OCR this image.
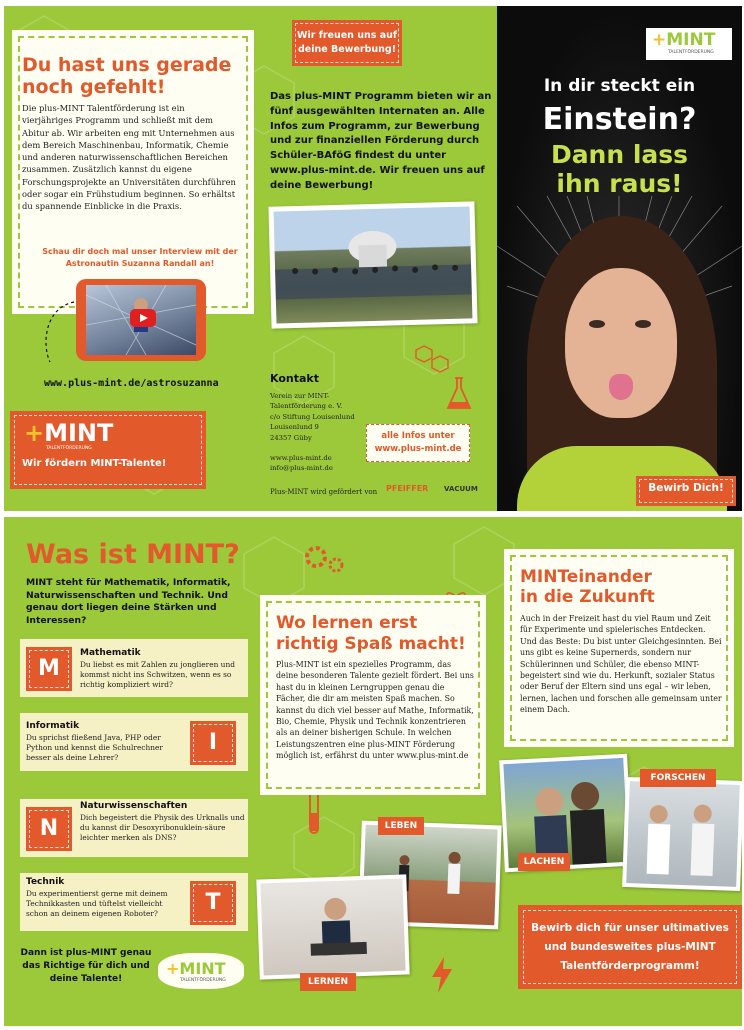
Du hast uns gerade
noch gefehlt!
Die plus-MINT Talentförderung ist ein vierjähriges Programm und schließt mit dem Abitur ab. Wir arbeiten eng mit Unternehmen aus dem Bereich Maschinenbau, Informatik, Chemie und anderen naturwissenschaftlichen Bereichen zusammen. Zusätzlich kannst du eigene Forschungsprojekte an Universitäten durchführen oder sogar ein Frühstudium beginnen. So erhältst du spannende Einblicke in die Praxis.
Schau dir doch mal unser Interview mit der Astronautin Suzanna Randall an!
www.plus-mint.de/astrosuzanna
+MINT
TALENTFÖRDERUNG
Wir fördern MINT-Talente!
Wir freuen uns auf
deine Bewerbung!
Das plus-MINT Programm bieten wir an fünf ausgewählten Internaten an. Alle Infos zum Programm, zur Bewerbung und zur finanziellen Förderung durch Schüler-BAföG findest du unter www.plus-mint.de. Wir freuen uns auf deine Bewerbung!
Kontakt
Verein zur MINT-Talentförderung e. V.
c/o Stiftung Louisenlund
Louisenlund 9
24357 Güby
www.plus-mint.de
info@plus-mint.de
alle Infos unter
www.plus-mint.de
Plus-MINT wird gefördert von PFEIFFER VACUUM
+MINT
TALENTFÖRDERUNG
In dir steckt ein
Einstein?
Dann lass
ihn raus!
Bewirb Dich!
Was ist MINT?
MINT steht für Mathematik, Informatik, Naturwissenschaften und Technik. Und genau dort liegen deine Stärken und Interessen?
M
Mathematik
Du liebst es mit Zahlen zu jonglieren und kommst nicht ins Schwitzen, wenn es so richtig kompliziert wird?
I
Informatik
Du sprichst fließend Java, PHP oder Python und kennst die Schulrechner besser als deine Lehrer?
N
Naturwissenschaften
Dich begeistert die Physik des Urknalls und du kannst dir Desoxyribonuklein-säure leichter merken als DNS?
T
Technik
Du experimentierst gerne mit deinem Technikkasten und tüftelst vielleicht schon an deinem eigenen Roboter?
Dann ist plus-MINT genau das Richtige für dich und deine Talente!
+MINT
TALENTFÖRDERUNG
Wo lernen erst
richtig Spaß macht!

Plus-MINT ist ein spezielles Programm, das deine besonderen Talente gezielt fördert. Bei uns hast du in kleinen Lerngruppen genau die Fächer, die dir am meisten Spaß machen. So kannst du dich viel besser auf Mathe, Informatik, Bio, Chemie, Physik und Technik konzentrieren als an deiner bisherigen Schule. In welchen Leistungszentren eine plus-MINT Förderung möglich ist, erfährst du unter www.plus-mint.de

MINTeinander
in die Zukunft

Auch in der Freizeit hast du viel Raum und Zeit für Experimente und spielerisches Entdecken. Und das Beste: Du bist unter Gleichgesinnten. Bei uns gibt es keine Supernerds, sondern nur Schülerinnen und Schüler, die ebenso MINT-begeistert sind wie du. Herkunft, sozialer Status oder Beruf der Eltern sind uns egal – wir leben, lernen, lachen und forschen alle gemeinsam unter einem Dach.

LEBEN
LACHEN
FORSCHEN
LERNEN
Bewirb dich für unser ultimatives und bundesweites plus-MINT Talentförderprogramm!
